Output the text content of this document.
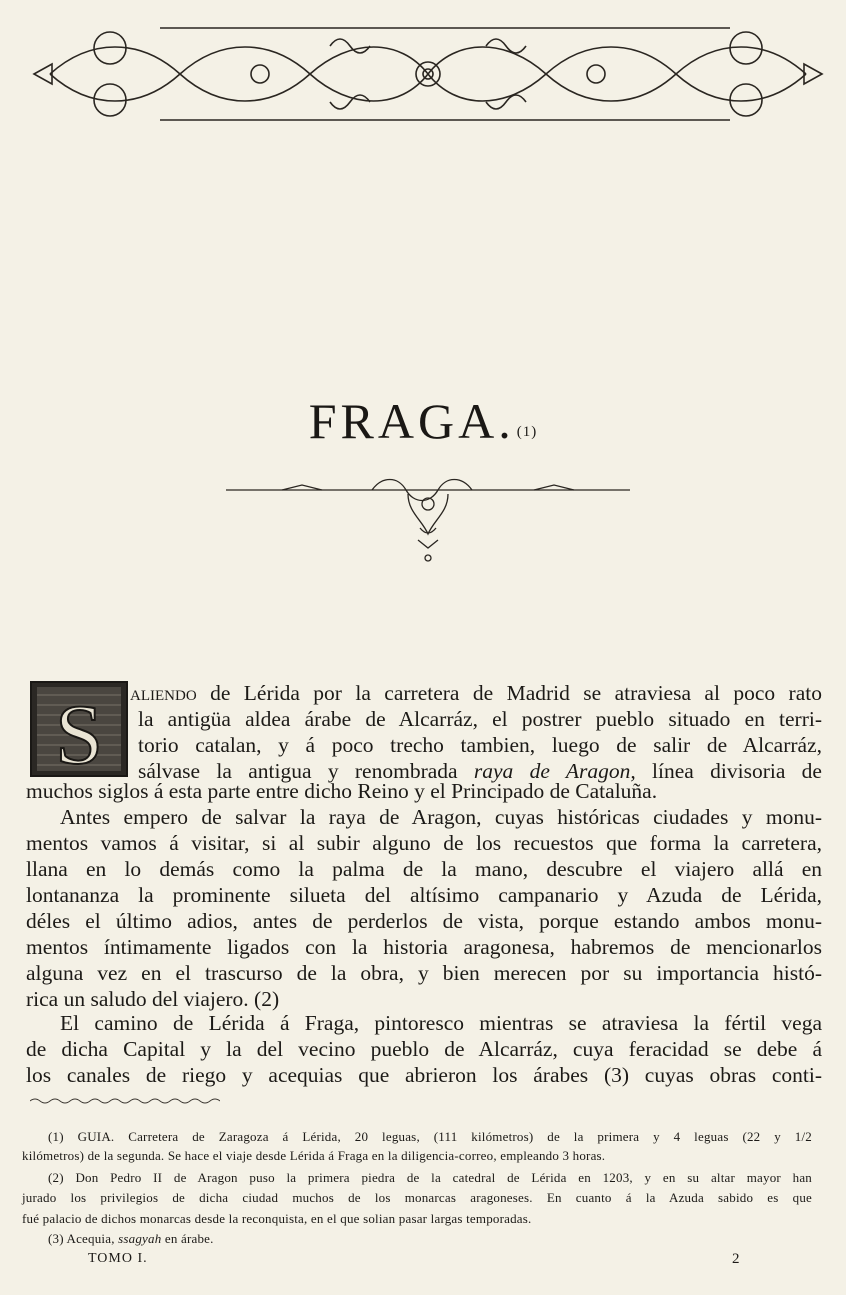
FRAGA. (1)
S aliendo de Lérida por la carretera de Madrid se atraviesa al poco rato
la antigüa aldea árabe de Alcarráz, el postrer pueblo situado en terri-
torio catalan, y á poco trecho tambien, luego de salir de Alcarráz,
sálvase la antigua y renombrada raya de Aragon, línea divisoria de
muchos siglos á esta parte entre dicho Reino y el Principado de Cataluña.
Antes empero de salvar la raya de Aragon, cuyas históricas ciudades y monu-
mentos vamos á visitar, si al subir alguno de los recuestos que forma la carretera,
llana en lo demás como la palma de la mano, descubre el viajero allá en
lontananza la prominente silueta del altísimo campanario y Azuda de Lérida,
déles el último adios, antes de perderlos de vista, porque estando ambos monu-
mentos íntimamente ligados con la historia aragonesa, habremos de mencionarlos
alguna vez en el trascurso de la obra, y bien merecen por su importancia histó-
rica un saludo del viajero. (2)
El camino de Lérida á Fraga, pintoresco mientras se atraviesa la fértil vega
de dicha Capital y la del vecino pueblo de Alcarráz, cuya feracidad se debe á
los canales de riego y acequias que abrieron los árabes (3) cuyas obras conti-
(1) GUIA. Carretera de Zaragoza á Lérida, 20 leguas, (111 kilómetros) de la primera y 4 leguas (22 y 1/2
kilómetros) de la segunda. Se hace el viaje desde Lérida á Fraga en la diligencia-correo, empleando 3 horas.
(2) Don Pedro II de Aragon puso la primera piedra de la catedral de Lérida en 1203, y en su altar mayor han
jurado los privilegios de dicha ciudad muchos de los monarcas aragoneses. En cuanto á la Azuda sabido es que
fué palacio de dichos monarcas desde la reconquista, en el que solian pasar largas temporadas.
(3) Acequia, ssagyah en árabe.
TOMO I.	2
